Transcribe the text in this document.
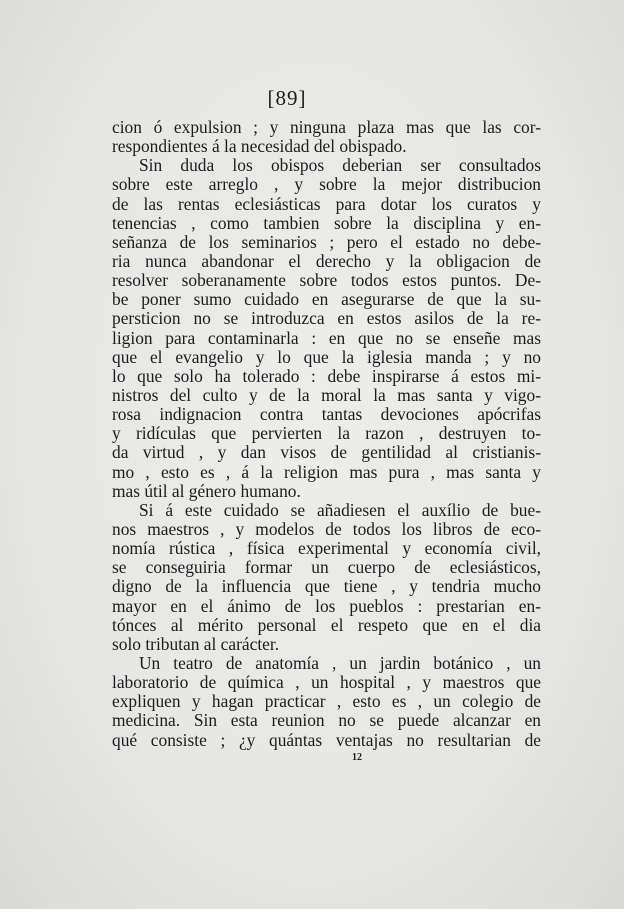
[89]
cion ó expulsion ; y ninguna plaza mas que las cor-
respondientes á la necesidad del obispado.
Sin duda los obispos deberian ser consultados
sobre este arreglo , y sobre la mejor distribucion
de las rentas eclesiásticas para dotar los curatos y
tenencias , como tambien sobre la disciplina y en-
señanza de los seminarios ; pero el estado no debe-
ria nunca abandonar el derecho y la obligacion de
resolver soberanamente sobre todos estos puntos. De-
be poner sumo cuidado en asegurarse de que la su-
persticion no se introduzca en estos asilos de la re-
ligion para contaminarla : en que no se enseñe mas
que el evangelio y lo que la iglesia manda ; y no
lo que solo ha tolerado : debe inspirarse á estos mi-
nistros del culto y de la moral la mas santa y vigo-
rosa indignacion contra tantas devociones apócrifas
y ridículas que pervierten la razon , destruyen to-
da virtud , y dan visos de gentilidad al cristianis-
mo , esto es , á la religion mas pura , mas santa y
mas útil al género humano.
Si á este cuidado se añadiesen el auxílio de bue-
nos maestros , y modelos de todos los libros de eco-
nomía rústica , física experimental y economía civil,
se conseguiria formar un cuerpo de eclesiásticos,
digno de la influencia que tiene , y tendria mucho
mayor en el ánimo de los pueblos : prestarian en-
tónces al mérito personal el respeto que en el dia
solo tributan al carácter.
Un teatro de anatomía , un jardin botánico , un
laboratorio de química , un hospital , y maestros que
expliquen y hagan practicar , esto es , un colegio de
medicina. Sin esta reunion no se puede alcanzar en
qué consiste ; ¿y quántas ventajas no resultarian de
12
